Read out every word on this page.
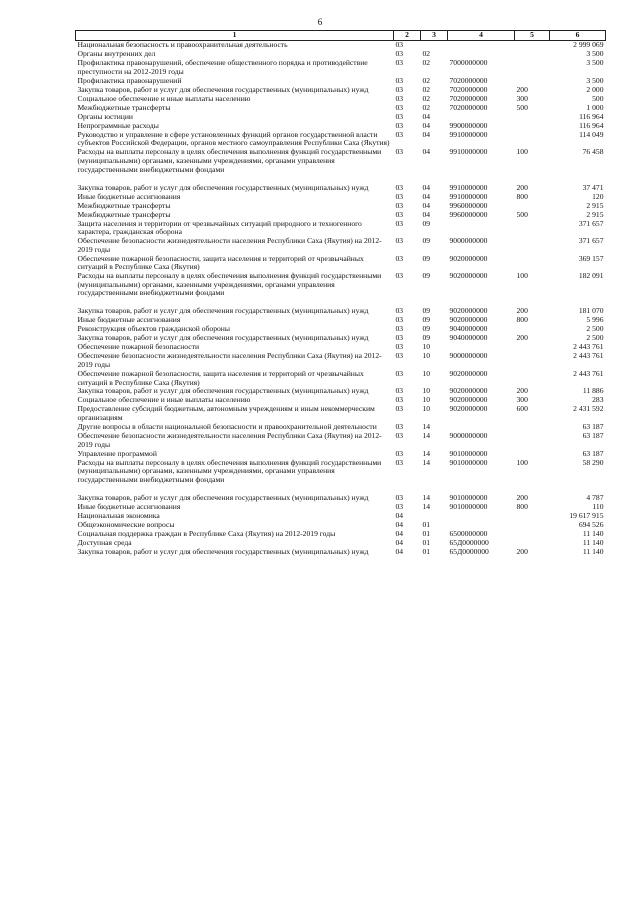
6
1	2	3	4	5	6
Национальная безопасность и правоохранительная деятельность	03				2 999 069
Органы внутренних дел	03	02			3 500
Профилактика правонарушений, обеспечение общественного порядка и противодействие преступности на 2012-2019 годы	03	02	7000000000		3 500
Профилактика правонарушений	03	02	7020000000		3 500
Закупка товаров, работ и услуг для обеспечения государственных (муниципальных) нужд	03	02	7020000000	200	2 000
Социальное обеспечение и иные выплаты населению	03	02	7020000000	300	500
Межбюджетные трансферты	03	02	7020000000	500	1 000
Органы юстиции	03	04			116 964
Непрограммные расходы	03	04	9900000000		116 964
Руководство и управление в сфере установленных функций органов государственной власти субъектов Российской Федерации, органов местного самоуправления Республики Саха (Якутия)	03	04	9910000000		114 049
Расходы на выплаты персоналу в целях обеспечения выполнения функций государственными (муниципальными) органами, казенными учреждениями, органами управления государственными внебюджетными фондами	03	04	9910000000	100	76 458

Закупка товаров, работ и услуг для обеспечения государственных (муниципальных) нужд	03	04	9910000000	200	37 471
Иные бюджетные ассигнования	03	04	9910000000	800	120
Межбюджетные трансферты	03	04	9960000000		2 915
Межбюджетные трансферты	03	04	9960000000	500	2 915
Защита населения и территории от чрезвычайных ситуаций природного и техногенного характера, гражданская оборона	03	09			371 657
Обеспечение безопасности жизнедеятельности населения Республики Саха (Якутия) на 2012-2019 годы	03	09	9000000000		371 657
Обеспечение пожарной безопасности, защита населения и территорий от чрезвычайных ситуаций в Республике Саха (Якутия)	03	09	9020000000		369 157
Расходы на выплаты персоналу в целях обеспечения выполнения функций государственными (муниципальными) органами, казенными учреждениями, органами управления государственными внебюджетными фондами	03	09	9020000000	100	182 091

Закупка товаров, работ и услуг для обеспечения государственных (муниципальных) нужд	03	09	9020000000	200	181 070
Иные бюджетные ассигнования	03	09	9020000000	800	5 996
Реконструкция объектов гражданской обороны	03	09	9040000000		2 500
Закупка товаров, работ и услуг для обеспечения государственных (муниципальных) нужд	03	09	9040000000	200	2 500
Обеспечение пожарной безопасности	03	10			2 443 761
Обеспечение безопасности жизнедеятельности населения Республики Саха (Якутия) на 2012-2019 годы	03	10	9000000000		2 443 761
Обеспечение пожарной безопасности, защита населения и территорий от чрезвычайных ситуаций в Республике Саха (Якутия)	03	10	9020000000		2 443 761
Закупка товаров, работ и услуг для обеспечения государственных (муниципальных) нужд	03	10	9020000000	200	11 886
Социальное обеспечение и иные выплаты населению	03	10	9020000000	300	283
Предоставление субсидий бюджетным, автономным учреждениям и иным некоммерческим организациям	03	10	9020000000	600	2 431 592
Другие вопросы в области национальной безопасности и правоохранительной деятельности	03	14			63 187
Обеспечение безопасности жизнедеятельности населения Республики Саха (Якутия) на 2012-2019 годы	03	14	9000000000		63 187
Управление программой	03	14	9010000000		63 187
Расходы на выплаты персоналу в целях обеспечения выполнения функций государственными (муниципальными) органами, казенными учреждениями, органами управления государственными внебюджетными фондами	03	14	9010000000	100	58 290

Закупка товаров, работ и услуг для обеспечения государственных (муниципальных) нужд	03	14	9010000000	200	4 787
Иные бюджетные ассигнования	03	14	9010000000	800	110
Национальная экономика	04				19 617 915
Общеэкономические вопросы	04	01			694 526
Социальная поддержка граждан в Республике Саха (Якутия) на 2012-2019 годы	04	01	6500000000		11 140
Доступная среда	04	01	65Д0000000		11 140
Закупка товаров, работ и услуг для обеспечения государственных (муниципальных) нужд	04	01	65Д0000000	200	11 140
